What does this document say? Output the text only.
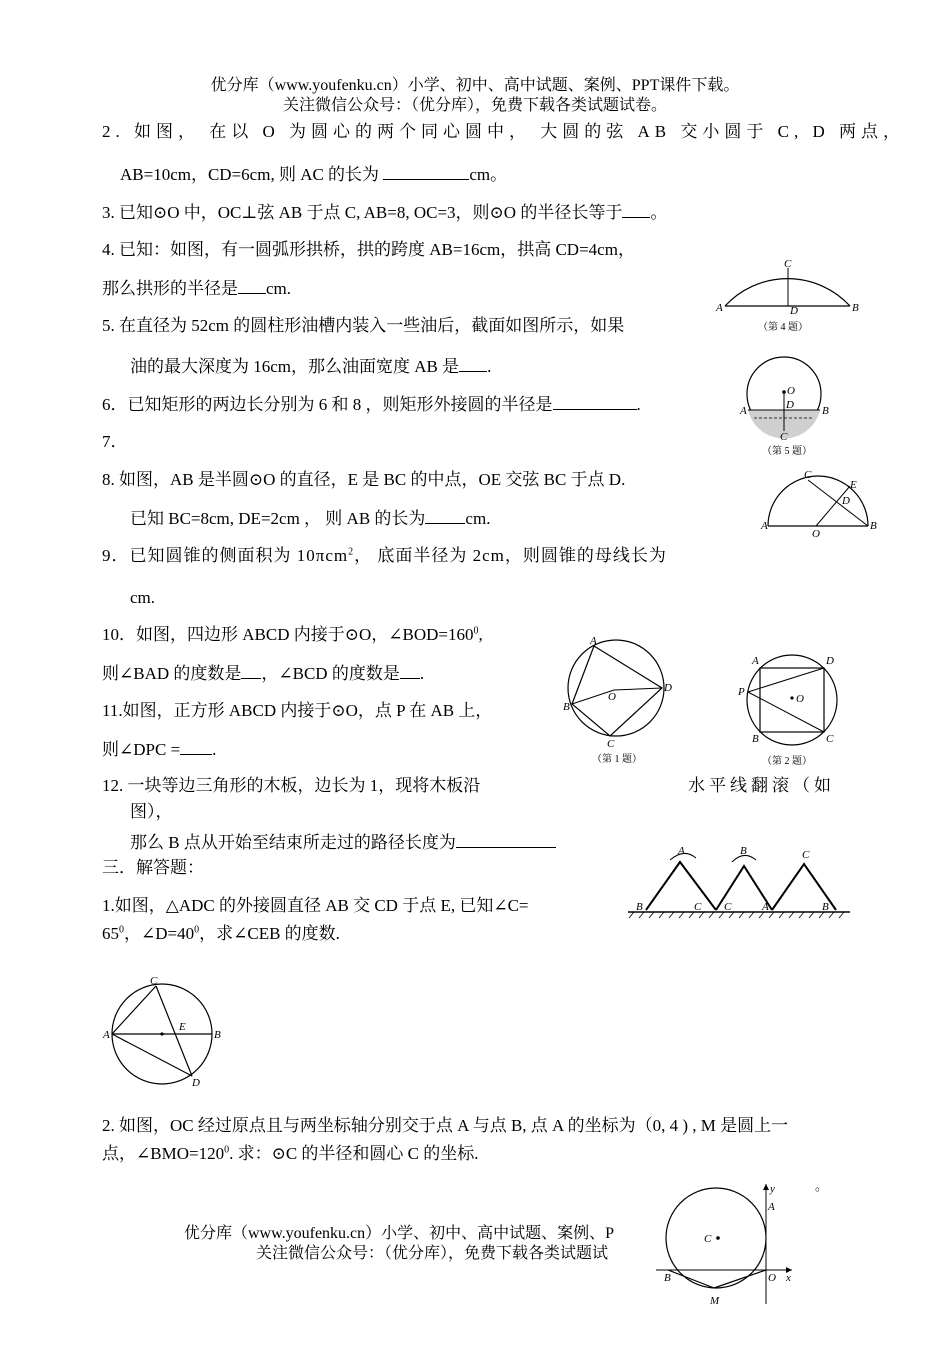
优分库（www.youfenku.cn）小学、初中、高中试题、案例、PPT课件下载。
关注微信公众号：（优分库），免费下载各类试题试卷。
2. 如图， 在以 O 为圆心的两个同心圆中， 大圆的弦 AB 交小圆于 C, D 两点，
AB=10cm，CD=6cm, 则 AC 的长为	cm。
3. 已知⊙O 中，OC⊥弦 AB 于点 C, AB=8, OC=3，则⊙O 的半径长等于 。
4. 已知：如图，有一圆弧形拱桥，拱的跨度 AB=16cm，拱高 CD=4cm，
那么拱形的半径是 cm.
5. 在直径为 52cm 的圆柱形油槽内装入一些油后，截面如图所示，如果
油的最大深度为 16cm，那么油面宽度 AB 是 .
6．已知矩形的两边长分别为 6 和 8 ，则矩形外接圆的半径是	.
7．
8. 如图，AB 是半圆⊙O 的直径，E 是 BC 的中点，OE 交弦 BC 于点 D.
已知 BC=8cm, DE=2cm ， 则 AB 的长为 cm.
9．已知圆锥的侧面积为 10πcm$^2$， 底面半径为 2cm，则圆锥的母线长为
cm.
10．如图，四边形 ABCD 内接于⊙O，$\angle BOD=160^0$,
则∠BAD 的度数是 ，∠BCD 的度数是 .
11.如图，正方形 ABCD 内接于⊙O，点 P 在 AB 上，
则∠DPC = .
12. 一块等边三角形的木板，边长为 1，现将木板沿	水平线翻滚（如
图），
那么 B 点从开始至结束所走过的路径长度为
三．解答题：
1.如图，△ADC 的外接圆直径 AB 交 CD 于点 E, 已知∠C=
$65^0$，$\angle D=40^0$，求∠CEB 的度数.
2. 如图，OC 经过原点且与两坐标轴分别交于点 A 与点 B, 点 A 的坐标为（0, 4 ) , M 是圆上一
点，$\angle BMO=120^0$. 求：⊙C 的半径和圆心 C 的坐标.
。
优分库（www.youfenku.cn）小学、初中、高中试题、案例、P
关注微信公众号：（优分库），免费下载各类试题试
A	B
C
D
（第 4 题）
O
A	B
D
C
（第 5 题）
A	B
C
D
E
O
A
B
C
D
O
（第 1 题）
A	D
B	C
P
O
（第 2 题）
A
B	C
B
C	A	B
C
A	B
C
D
E
C
A
B	O
M
x
y
